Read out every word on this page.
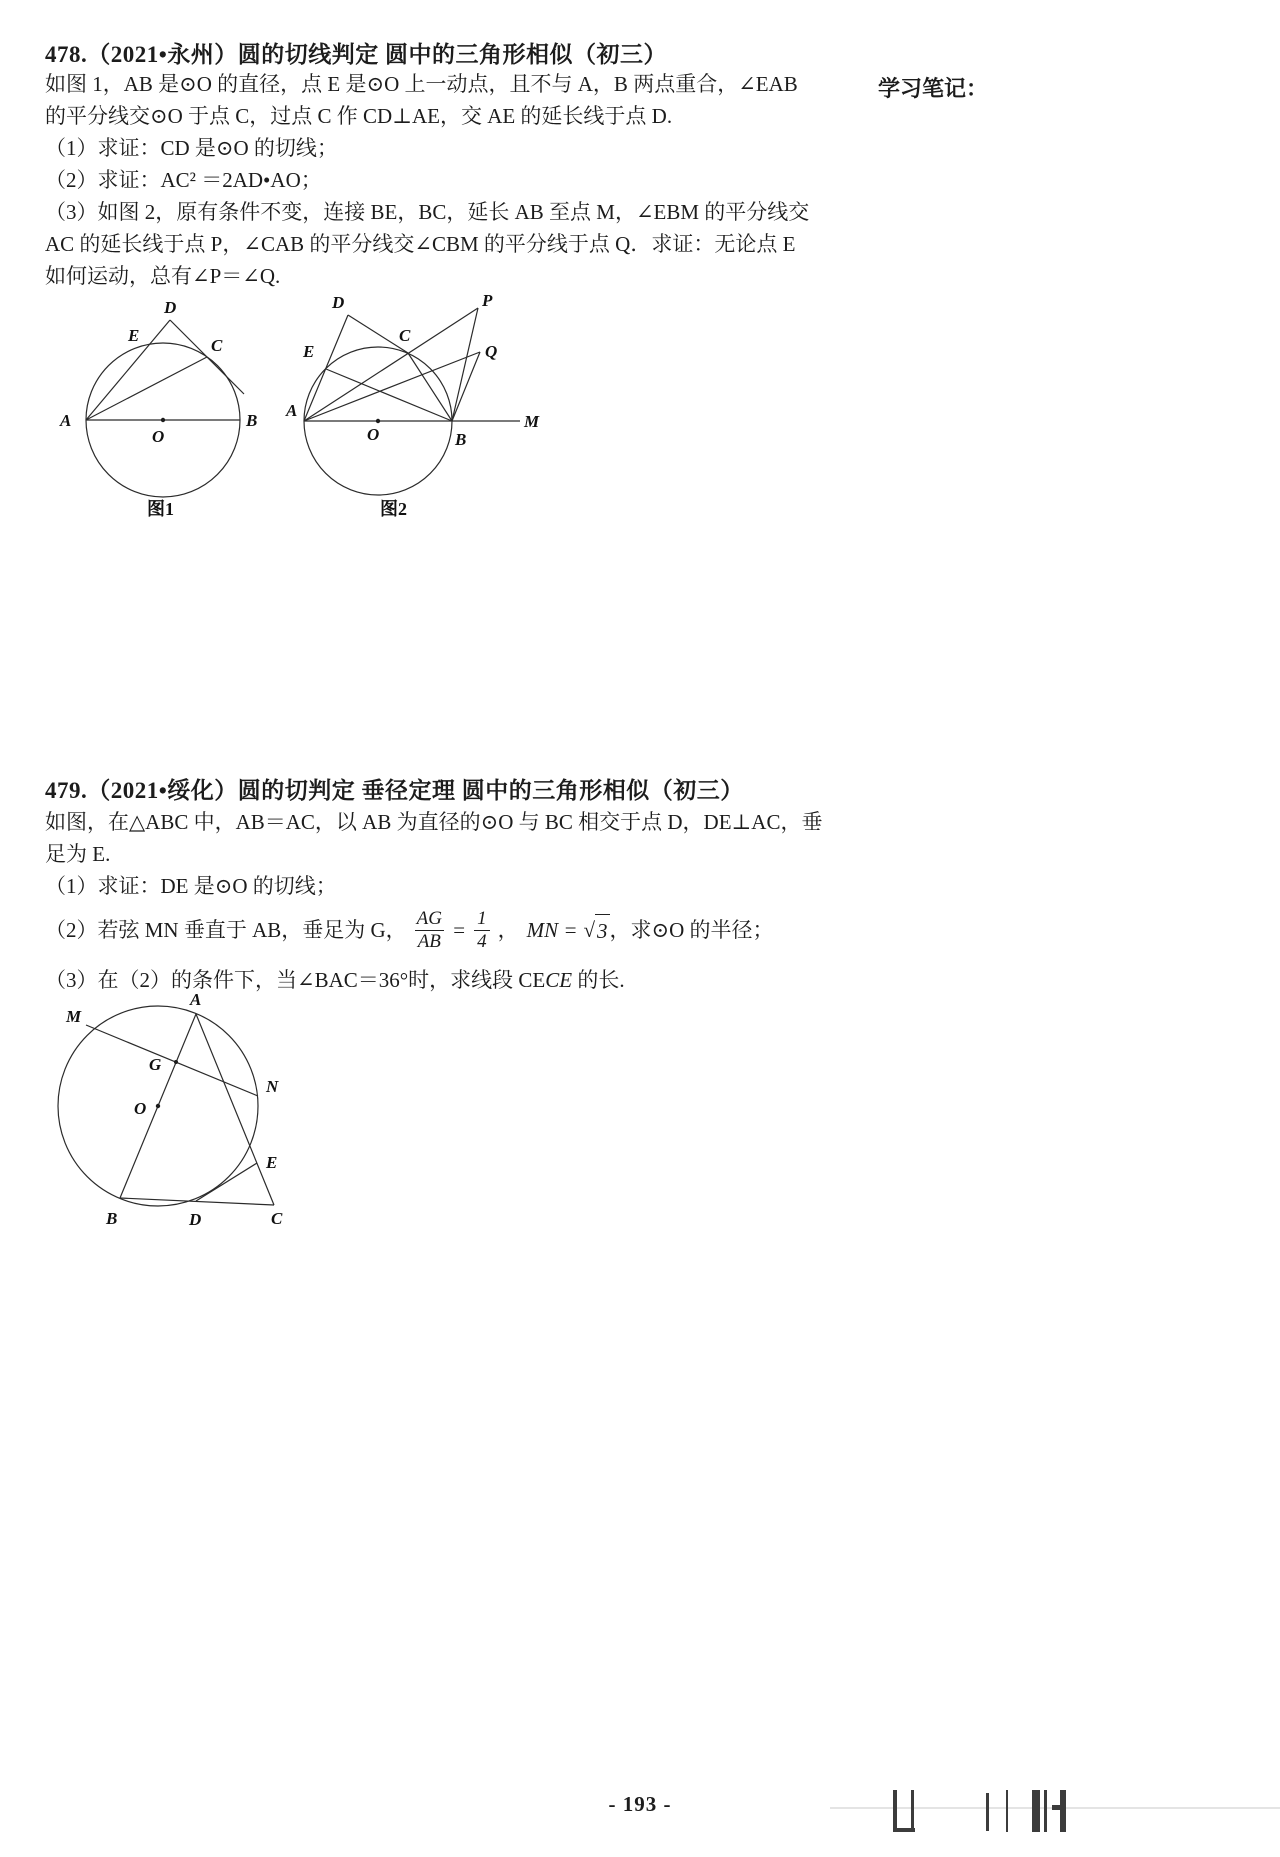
478.（2021•永州）圆的切线判定 圆中的三角形相似（初三）
学习笔记：
如图 1，AB 是⊙O 的直径，点 E 是⊙O 上一动点，且不与 A，B 两点重合，∠EAB
的平分线交⊙O 于点 C，过点 C 作 CD⊥AE，交 AE 的延长线于点 D.
（1）求证：CD 是⊙O 的切线；
（2）求证：AC² ＝2AD•AO；
（3）如图 2，原有条件不变，连接 BE，BC，延长 AB 至点 M，∠EBM 的平分线交
AC 的延长线于点 P，∠CAB 的平分线交∠CBM 的平分线于点 Q．求证：无论点 E
如何运动，总有∠P＝∠Q.
479.（2021•绥化）圆的切判定 垂径定理 圆中的三角形相似（初三）
如图，在△ABC 中，AB＝AC，以 AB 为直径的⊙O 与 BC 相交于点 D，DE⊥AC，垂
足为 E.
（1）求证：DE 是⊙O 的切线；
（2）若弦 MN 垂直于 AB，垂足为 G， $\frac{AG}{AB} = \frac{1}{4}$ ， MN = √ 3 ，求⊙O 的半径；
（3）在（2）的条件下，当∠BAC＝36°时，求线段 CECE 的长.
A	B
O
D
E
C
图1
A
B
O
M
D
E
C
P
Q
图2
M
A
G
N
O
E
B	D	C
- 193 -
